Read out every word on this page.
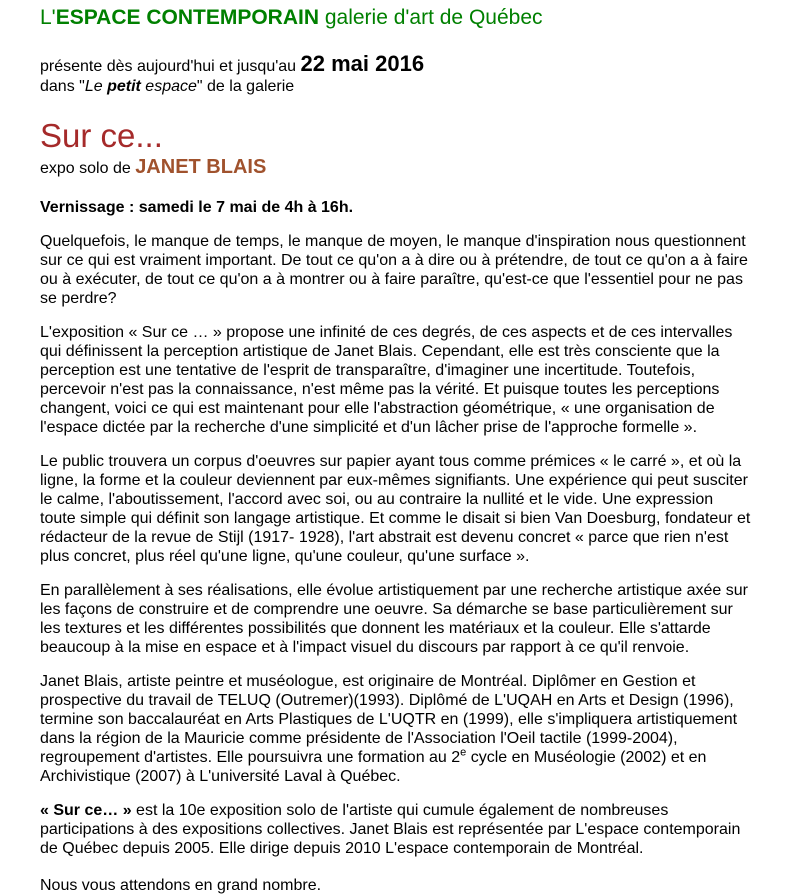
L'ESPACE CONTEMPORAIN galerie d'art de Québec

présente dès aujourd'hui et jusqu'au 22 mai 2016

dans "Le petit espace" de la galerie

Sur ce...

expo solo de JANET BLAIS

Vernissage : samedi le 7 mai de 4h à 16h.

Quelquefois, le manque de temps, le manque de moyen, le manque d'inspiration nous questionnent sur ce qui est vraiment important. De tout ce qu'on a à dire ou à prétendre, de tout ce qu'on a à faire ou à exécuter, de tout ce qu'on a à montrer ou à faire paraître, qu'est-ce que l'essentiel pour ne pas se perdre?

L'exposition « Sur ce … » propose une infinité de ces degrés, de ces aspects et de ces intervalles qui définissent la perception artistique de Janet Blais. Cependant, elle est très consciente que la perception est une tentative de l'esprit de transparaître, d'imaginer une incertitude. Toutefois, percevoir n'est pas la connaissance, n'est même pas la vérité. Et puisque toutes les perceptions changent, voici ce qui est maintenant pour elle l'abstraction géométrique, « une organisation de l'espace dictée par la recherche d'une simplicité et d'un lâcher prise de l'approche formelle ».

Le public trouvera un corpus d'oeuvres sur papier ayant tous comme prémices « le carré », et où la ligne, la forme et la couleur deviennent par eux-mêmes signifiants. Une expérience qui peut susciter le calme, l'aboutissement, l'accord avec soi, ou au contraire la nullité et le vide. Une expression toute simple qui définit son langage artistique. Et comme le disait si bien Van Doesburg, fondateur et rédacteur de la revue de Stijl (1917- 1928), l'art abstrait est devenu concret « parce que rien n'est plus concret, plus réel qu'une ligne, qu'une couleur, qu'une surface ».

En parallèlement à ses réalisations, elle évolue artistiquement par une recherche artistique axée sur les façons de construire et de comprendre une oeuvre. Sa démarche se base particulièrement sur les textures et les différentes possibilités que donnent les matériaux et la couleur. Elle s'attarde beaucoup à la mise en espace et à l'impact visuel du discours par rapport à ce qu'il renvoie.

Janet Blais, artiste peintre et muséologue, est originaire de Montréal. Diplômer en Gestion et prospective du travail de TELUQ (Outremer)(1993). Diplômé de L'UQAH en Arts et Design (1996), termine son baccalauréat en Arts Plastiques de L'UQTR en (1999), elle s'impliquera artistiquement dans la région de la Mauricie comme présidente de l'Association l'Oeil tactile (1999-2004), regroupement d'artistes. Elle poursuivra une formation au 2e cycle en Muséologie (2002) et en Archivistique (2007) à L'université Laval à Québec.

« Sur ce… » est la 10e exposition solo de l'artiste qui cumule également de nombreuses participations à des expositions collectives. Janet Blais est représentée par L'espace contemporain de Québec depuis 2005. Elle dirige depuis 2010 L'espace contemporain de Montréal.

Nous vous attendons en grand nombre.
